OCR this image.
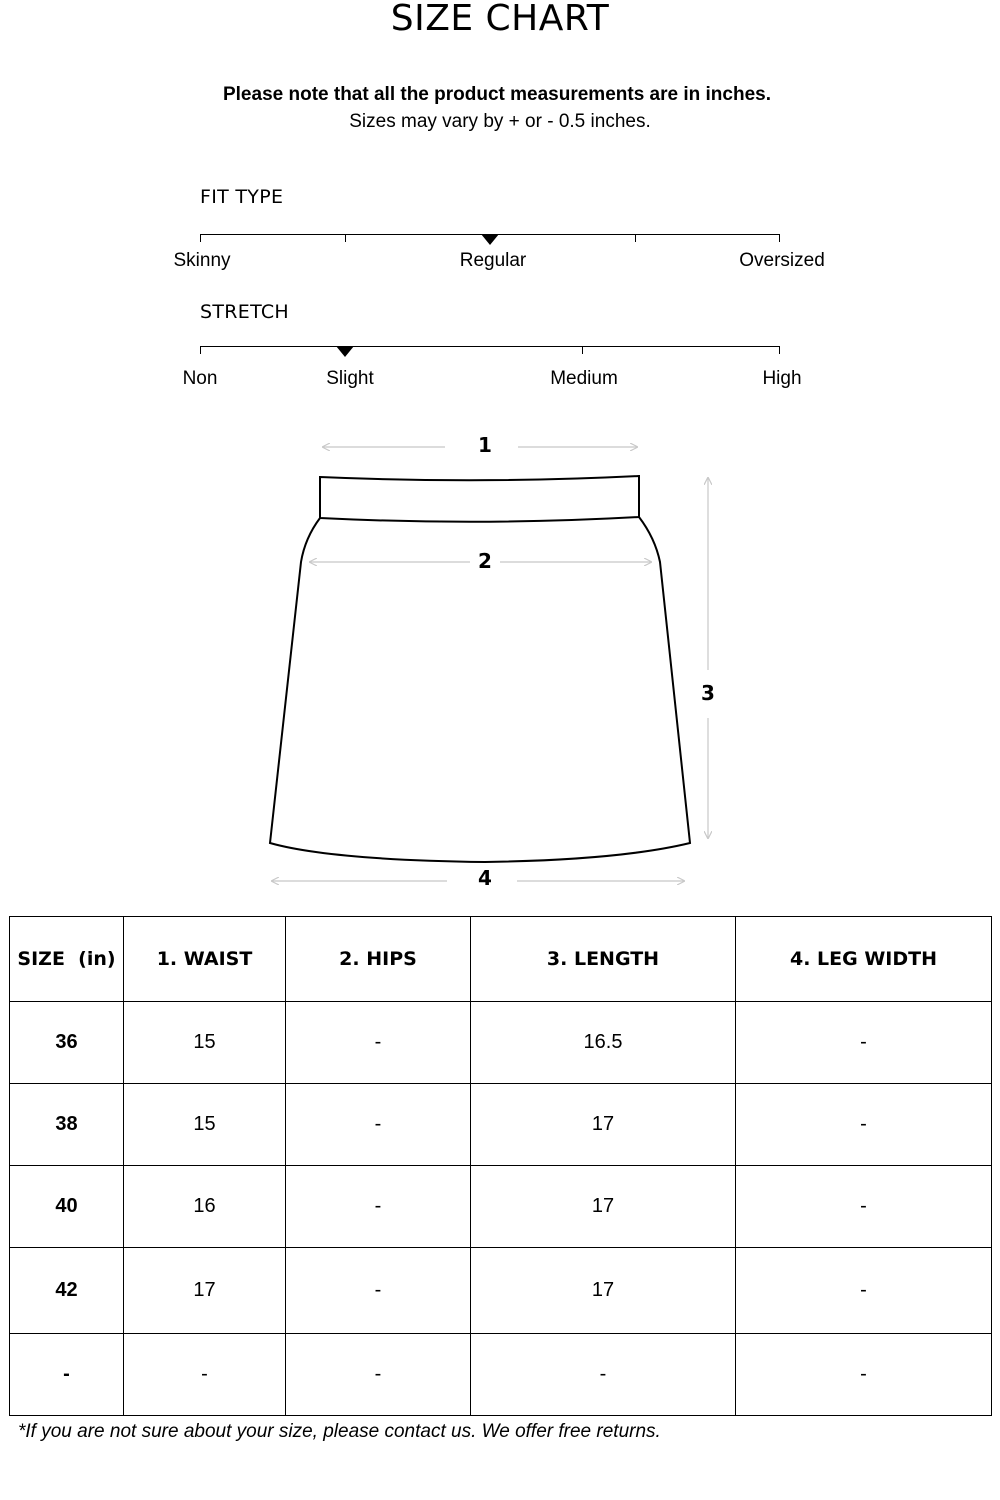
SIZE CHART
Please note that all the product measurements are in inches.
Sizes may vary by + or - 0.5 inches.
FIT TYPE
Skinny	Regular	Oversized
STRETCH
Non	Slight	Medium	High
1
2
3
4
SIZE  (in)	1. WAIST	2. HIPS	3. LENGTH	4. LEG WIDTH
36	15	-	16.5	-
38	15	-	17	-
40	16	-	17	-
42	17	-	17	-
-	-	-	-	-
*If you are not sure about your size, please contact us. We offer free returns.
